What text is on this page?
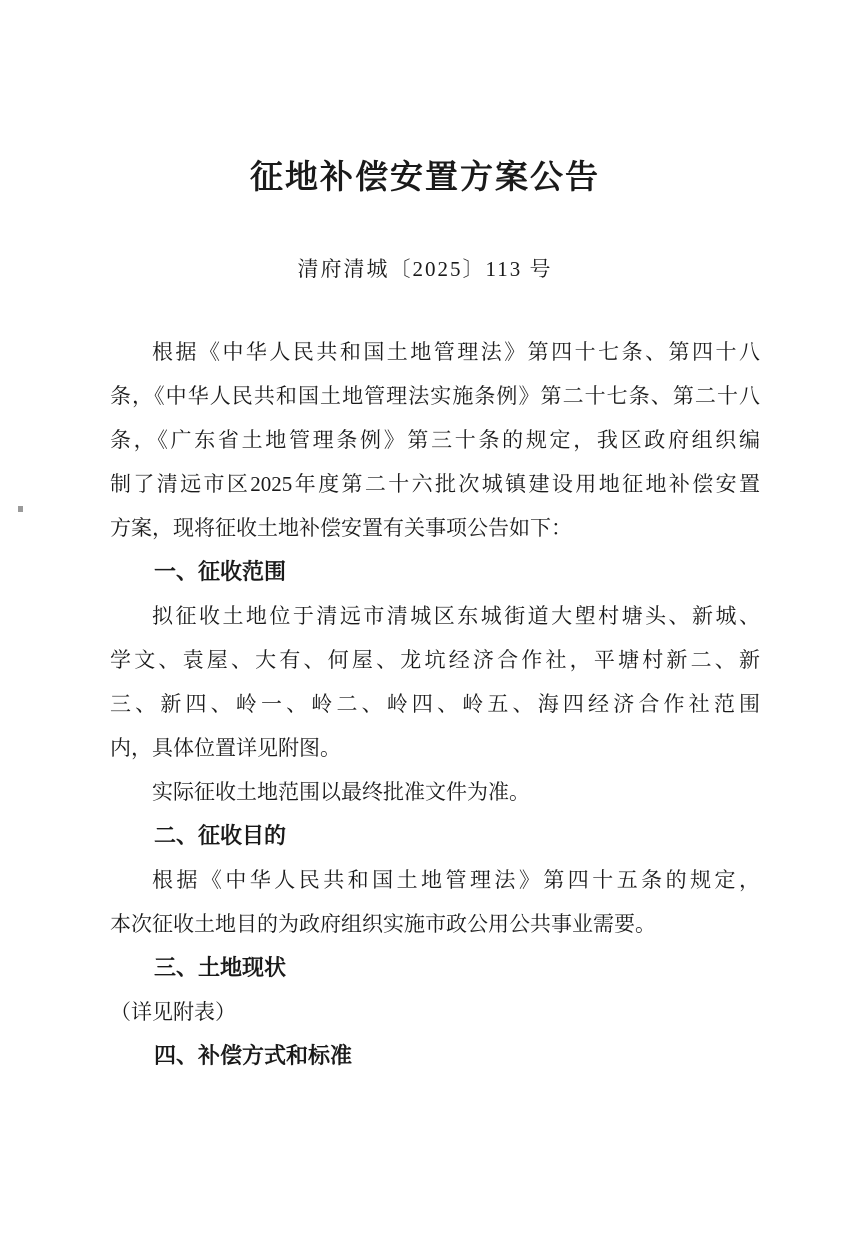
征地补偿安置方案公告
清府清城〔2025〕113 号
根据《中华人民共和国土地管理法》第四十七条、第四十八
条，《中华人民共和国土地管理法实施条例》第二十七条、第二十八
条，《广东省土地管理条例》第三十条的规定，我区政府组织编
制了清远市区2025年度第二十六批次城镇建设用地征地补偿安置
方案，现将征收土地补偿安置有关事项公告如下：
一、征收范围
拟征收土地位于清远市清城区东城街道大塱村塘头、新城、
学文、袁屋、大有、何屋、龙坑经济合作社，平塘村新二、新
三、新四、岭一、岭二、岭四、岭五、海四经济合作社范围
内，具体位置详见附图。
实际征收土地范围以最终批准文件为准。
二、征收目的
根据《中华人民共和国土地管理法》第四十五条的规定，
本次征收土地目的为政府组织实施市政公用公共事业需要。
三、土地现状
（详见附表）
四、补偿方式和标准
